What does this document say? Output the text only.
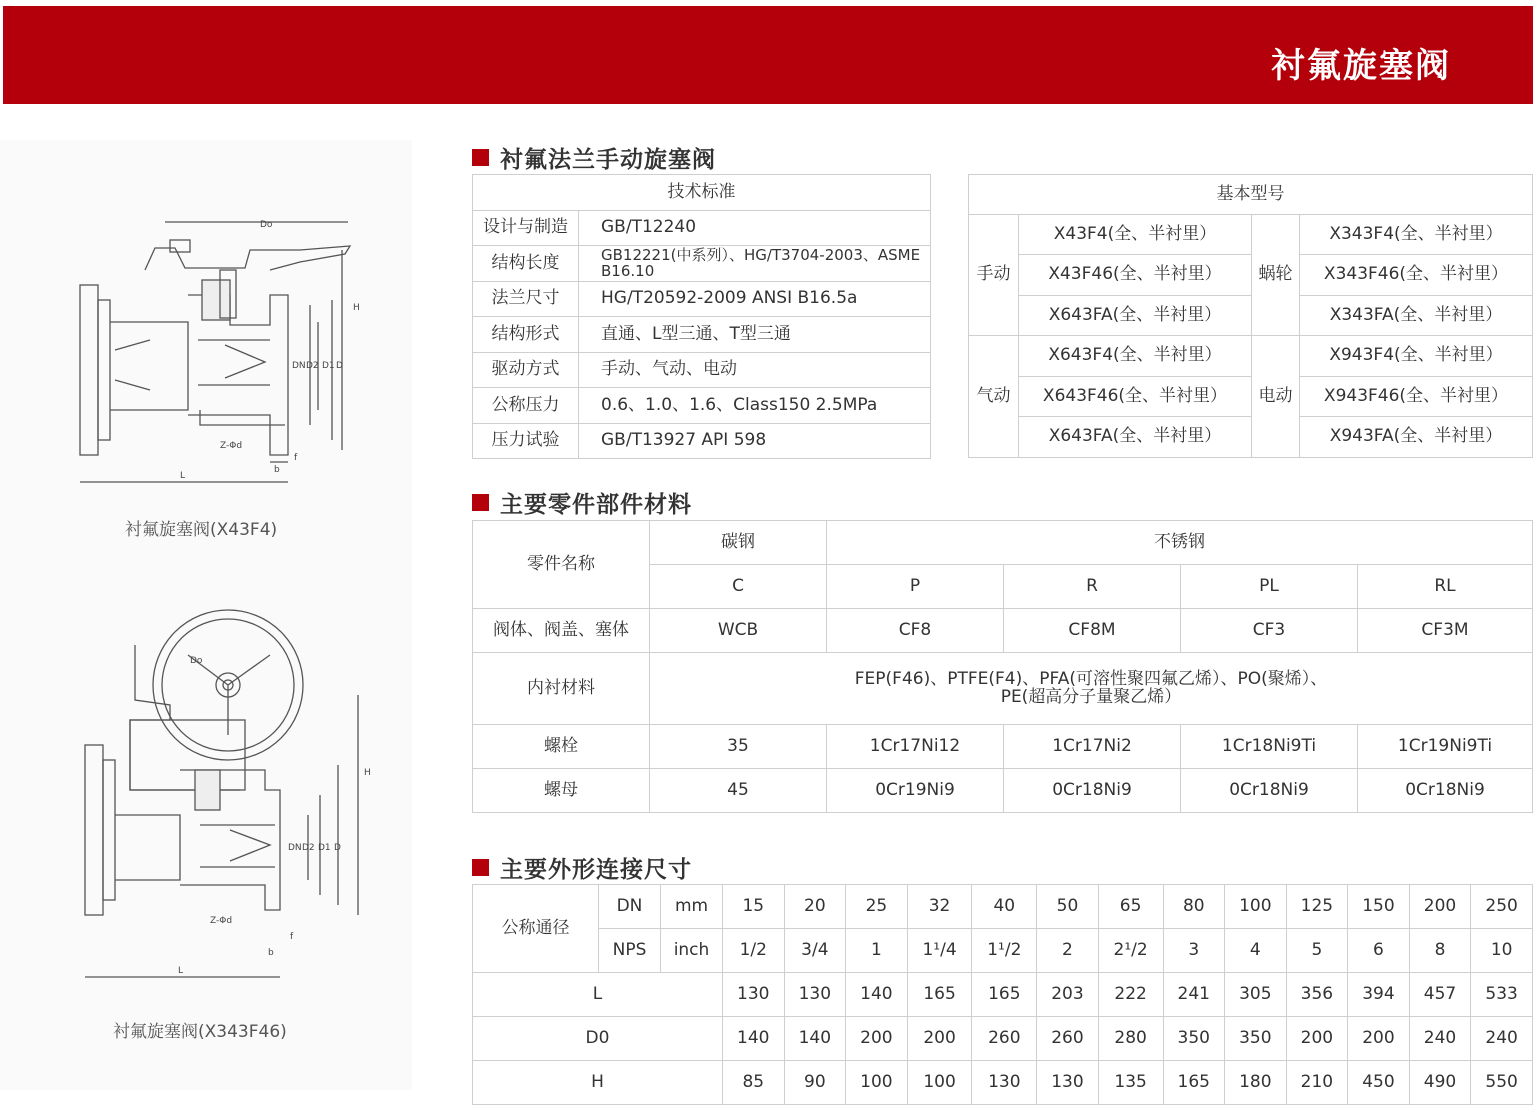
衬氟旋塞阀
Do
H
DN D2 D1 D
Z-Φd
b
f
L
衬氟旋塞阀(X43F4)
Do
H
DN D2 D1 D
Z-Φd
b
f
L
衬氟旋塞阀(X343F46)
衬氟法兰手动旋塞阀
技术标准	
设计与制造	GB/T12240
结构长度	GB12221(中系列）、HG/T3704-2003、ASME B16.10
法兰尺寸	HG/T20592-2009 ANSI B16.5a
结构形式	直通、L型三通、T型三通
驱动方式	手动、气动、电动
公称压力	0.6、1.0、1.6、Class150 2.5MPa
压力试验	GB/T13927 API 598
基本型号			
手动	X43F4(全、半衬里）	蜗轮	X343F4(全、半衬里）
	X43F46(全、半衬里）		X343F46(全、半衬里）
	X643FA(全、半衬里）		X343FA(全、半衬里）
气动	X643F4(全、半衬里）	电动	X943F4(全、半衬里）
	X643F46(全、半衬里）		X943F46(全、半衬里）
	X643FA(全、半衬里）		X943FA(全、半衬里）
主要零件部件材料
零件名称	碳钢	不锈钢			
	C	P	R	PL	RL
阀体、阀盖、塞体	WCB	CF8	CF8M	CF3	CF3M
内衬材料	FEP(F46)、PTFE(F4)、PFA(可溶性聚四氟乙烯）、PO(聚烯）、PE(超高分子量聚乙烯）				
螺栓	35	1Cr17Ni12	1Cr17Ni2	1Cr18Ni9Ti	1Cr19Ni9Ti
螺母	45	0Cr19Ni9	0Cr18Ni9	0Cr18Ni9	0Cr18Ni9
主要外形连接尺寸
公称通径	DN	mm	15	20	25	32	40	50	65	80	100	125	150	200	250
	NPS	inch	1/2	3/4	1	1¹/4	1¹/2	2	2¹/2	3	4	5	6	8	10
L			130	130	140	165	165	203	222	241	305	356	394	457	533
D0			140	140	200	200	260	260	280	350	350	200	200	240	240
H			85	90	100	100	130	130	135	165	180	210	450	490	550
